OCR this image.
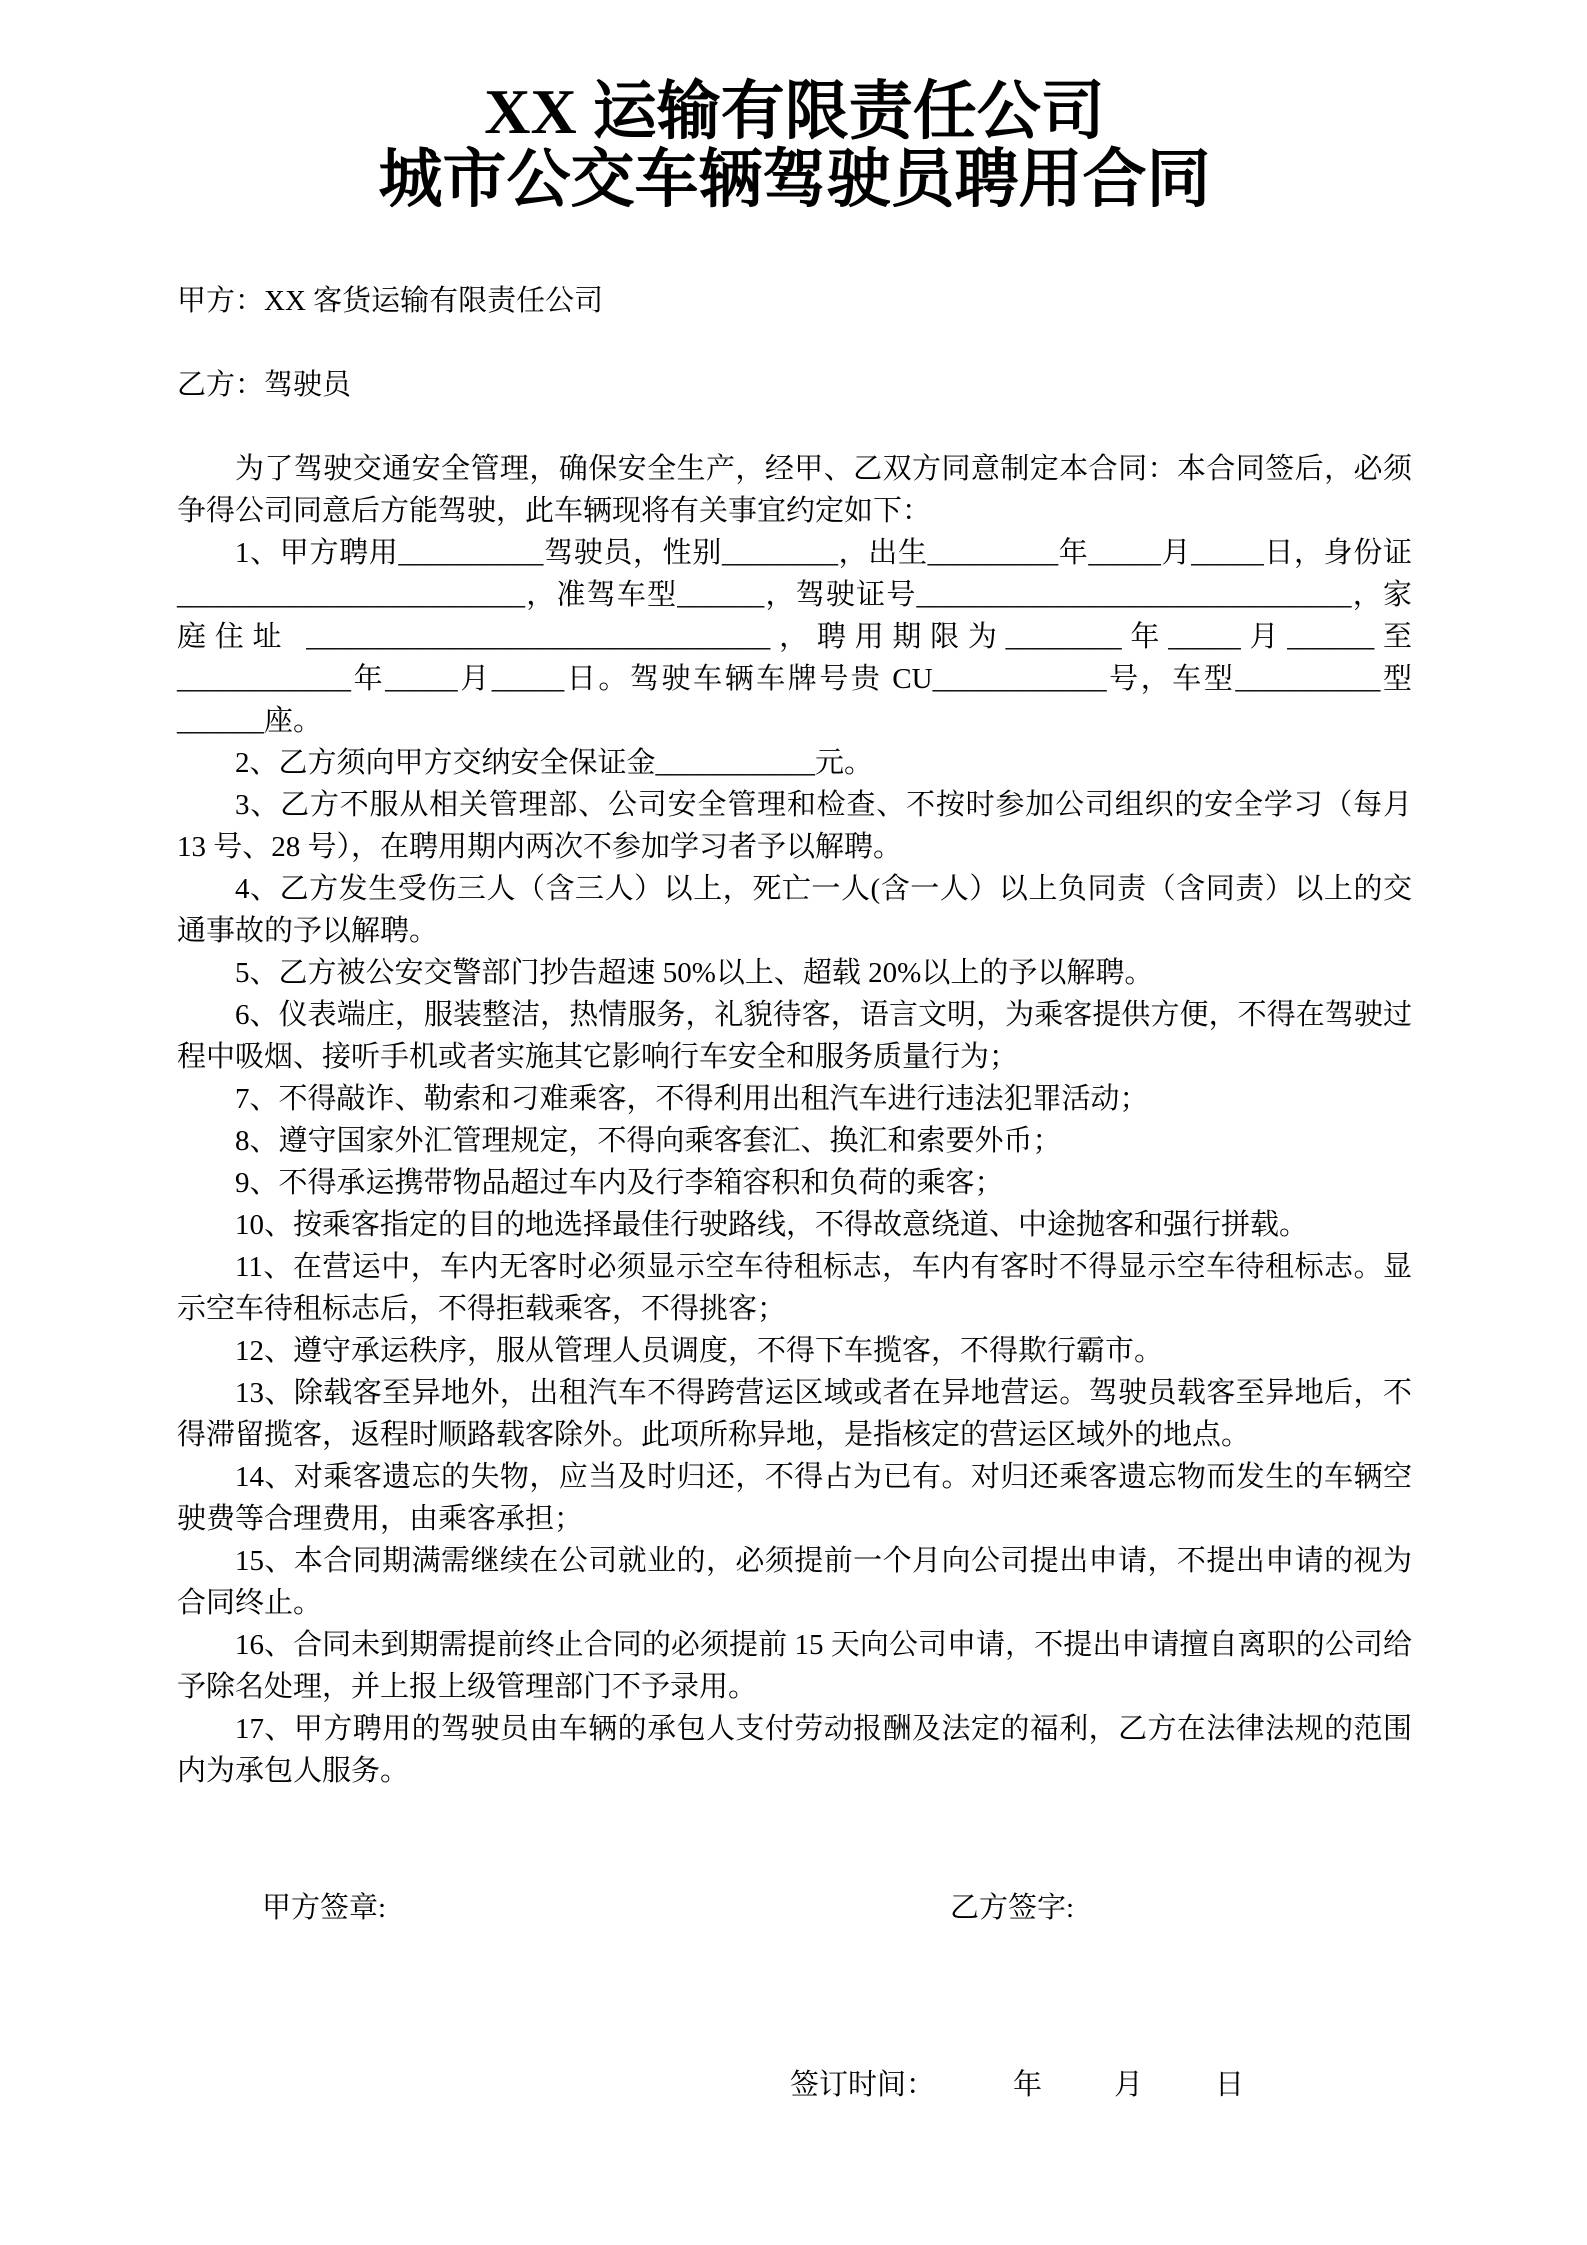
XX 运输有限责任公司
城市公交车辆驾驶员聘用合同

甲方：XX 客货运输有限责任公司

乙方：驾驶员

为了驾驶交通安全管理，确保安全生产，经甲、乙双方同意制定本合同：本合同签后，必须争得公司同意后方能驾驶，此车辆现将有关事宜约定如下：

1、甲方聘用__________驾驶员，性别________，出生_________年_____月_____日，身份证________________________，准驾车型______，驾驶证号______________________________，家庭住址 ________________________________，聘用期限为________年_____月______至____________年_____月_____日。驾驶车辆车牌号贵 CU____________号，车型__________型______座。

2、乙方须向甲方交纳安全保证金___________元。

3、乙方不服从相关管理部、公司安全管理和检查、不按时参加公司组织的安全学习（每月 13 号、28 号），在聘用期内两次不参加学习者予以解聘。

4、乙方发生受伤三人（含三人）以上，死亡一人(含一人）以上负同责（含同责）以上的交通事故的予以解聘。

5、乙方被公安交警部门抄告超速 50%以上、超载 20%以上的予以解聘。

6、仪表端庄，服装整洁，热情服务，礼貌待客，语言文明，为乘客提供方便，不得在驾驶过程中吸烟、接听手机或者实施其它影响行车安全和服务质量行为；

7、不得敲诈、勒索和刁难乘客，不得利用出租汽车进行违法犯罪活动；

8、遵守国家外汇管理规定，不得向乘客套汇、换汇和索要外币；

9、不得承运携带物品超过车内及行李箱容积和负荷的乘客；

10、按乘客指定的目的地选择最佳行驶路线，不得故意绕道、中途抛客和强行拼载。

11、在营运中，车内无客时必须显示空车待租标志，车内有客时不得显示空车待租标志。显示空车待租标志后，不得拒载乘客，不得挑客；

12、遵守承运秩序，服从管理人员调度，不得下车揽客，不得欺行霸市。

13、除载客至异地外，出租汽车不得跨营运区域或者在异地营运。驾驶员载客至异地后，不得滞留揽客，返程时顺路载客除外。此项所称异地，是指核定的营运区域外的地点。

14、对乘客遗忘的失物，应当及时归还，不得占为已有。对归还乘客遗忘物而发生的车辆空驶费等合理费用，由乘客承担；

15、本合同期满需继续在公司就业的，必须提前一个月向公司提出申请，不提出申请的视为合同终止。

16、合同未到期需提前终止合同的必须提前 15 天向公司申请，不提出申请擅自离职的公司给予除名处理，并上报上级管理部门不予录用。

17、甲方聘用的驾驶员由车辆的承包人支付劳动报酬及法定的福利，乙方在法律法规的范围内为承包人服务。

甲方签章:	乙方签字:
签订时间：	年 月 日
